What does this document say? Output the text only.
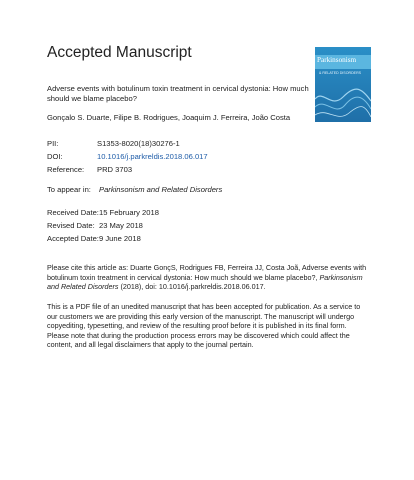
Accepted Manuscript	Parkinsonism
& RELATED DISORDERS
Adverse events with botulinum toxin treatment in cervical dystonia: How much should we blame placebo?
Gonçalo S. Duarte, Filipe B. Rodrigues, Joaquim J. Ferreira, João Costa
PII:	S1353-8020(18)30276-1
DOI:	10.1016/j.parkreldis.2018.06.017
Reference: PRD 3703
To appear in: Parkinsonism and Related Disorders
Received Date: 15 February 2018
Revised Date: 23 May 2018
Accepted Date: 9 June 2018
Please cite this article as: Duarte GonçS, Rodrigues FB, Ferreira JJ, Costa Joã, Adverse events with botulinum toxin treatment in cervical dystonia: How much should we blame placebo?, Parkinsonism and Related Disorders (2018), doi: 10.1016/j.parkreldis.2018.06.017.
This is a PDF file of an unedited manuscript that has been accepted for publication. As a service to our customers we are providing this early version of the manuscript. The manuscript will undergo copyediting, typesetting, and review of the resulting proof before it is published in its final form. Please note that during the production process errors may be discovered which could affect the content, and all legal disclaimers that apply to the journal pertain.
